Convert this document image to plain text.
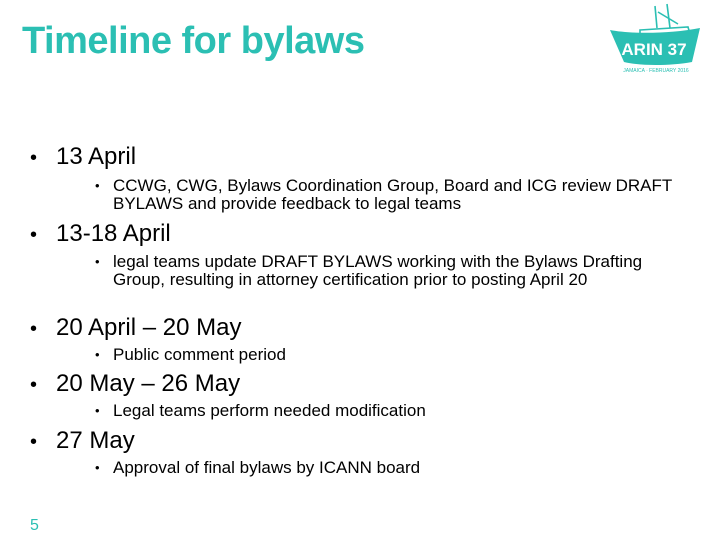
Timeline for bylaws	ARIN 37
JAMAICA · FEBRUARY 2016
• 13 April
• CCWG, CWG, Bylaws Coordination Group, Board and ICG review DRAFT BYLAWS and provide feedback to legal teams
• 13-18 April
• legal teams update DRAFT BYLAWS working with the Bylaws Drafting Group, resulting in attorney certification prior to posting April 20
• 20 April – 20 May
• Public comment period
• 20 May – 26 May
• Legal teams perform needed modification
• 27 May
• Approval of final bylaws by ICANN board
5
